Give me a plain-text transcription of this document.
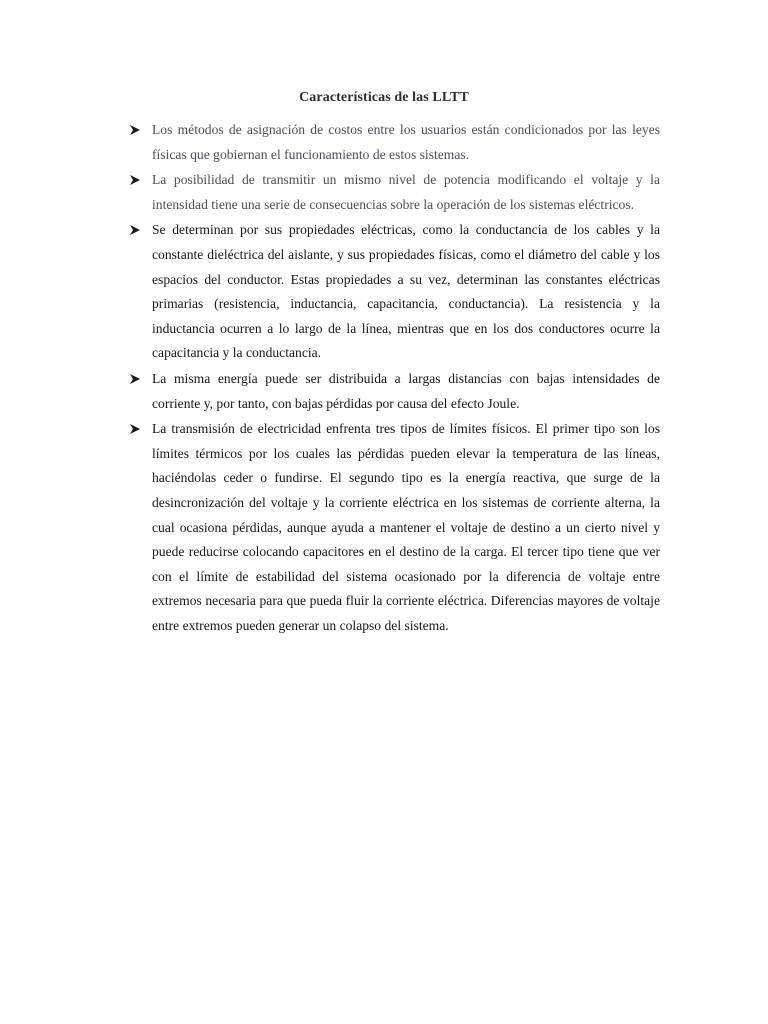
Características de las LLTT
Los métodos de asignación de costos entre los usuarios están condicionados por las leyes físicas que gobiernan el funcionamiento de estos sistemas.
La posibilidad de transmitir un mismo nivel de potencia modificando el voltaje y la intensidad tiene una serie de consecuencias sobre la operación de los sistemas eléctricos.
Se determinan por sus propiedades eléctricas, como la conductancia de los cables y la constante dieléctrica del aislante, y sus propiedades físicas, como el diámetro del cable y los espacios del conductor. Estas propiedades a su vez, determinan las constantes eléctricas primarias (resistencia, inductancia, capacitancia, conductancia). La resistencia y la inductancia ocurren a lo largo de la línea, mientras que en los dos conductores ocurre la capacitancia y la conductancia.
La misma energía puede ser distribuida a largas distancias con bajas intensidades de corriente y, por tanto, con bajas pérdidas por causa del efecto Joule.
La transmisión de electricidad enfrenta tres tipos de límites físicos. El primer tipo son los límites térmicos por los cuales las pérdidas pueden elevar la temperatura de las líneas, haciéndolas ceder o fundirse. El segundo tipo es la energía reactiva, que surge de la desincronización del voltaje y la corriente eléctrica en los sistemas de corriente alterna, la cual ocasiona pérdidas, aunque ayuda a mantener el voltaje de destino a un cierto nivel y puede reducirse colocando capacitores en el destino de la carga. El tercer tipo tiene que ver con el límite de estabilidad del sistema ocasionado por la diferencia de voltaje entre extremos necesaria para que pueda fluir la corriente eléctrica. Diferencias mayores de voltaje entre extremos pueden generar un colapso del sistema.
